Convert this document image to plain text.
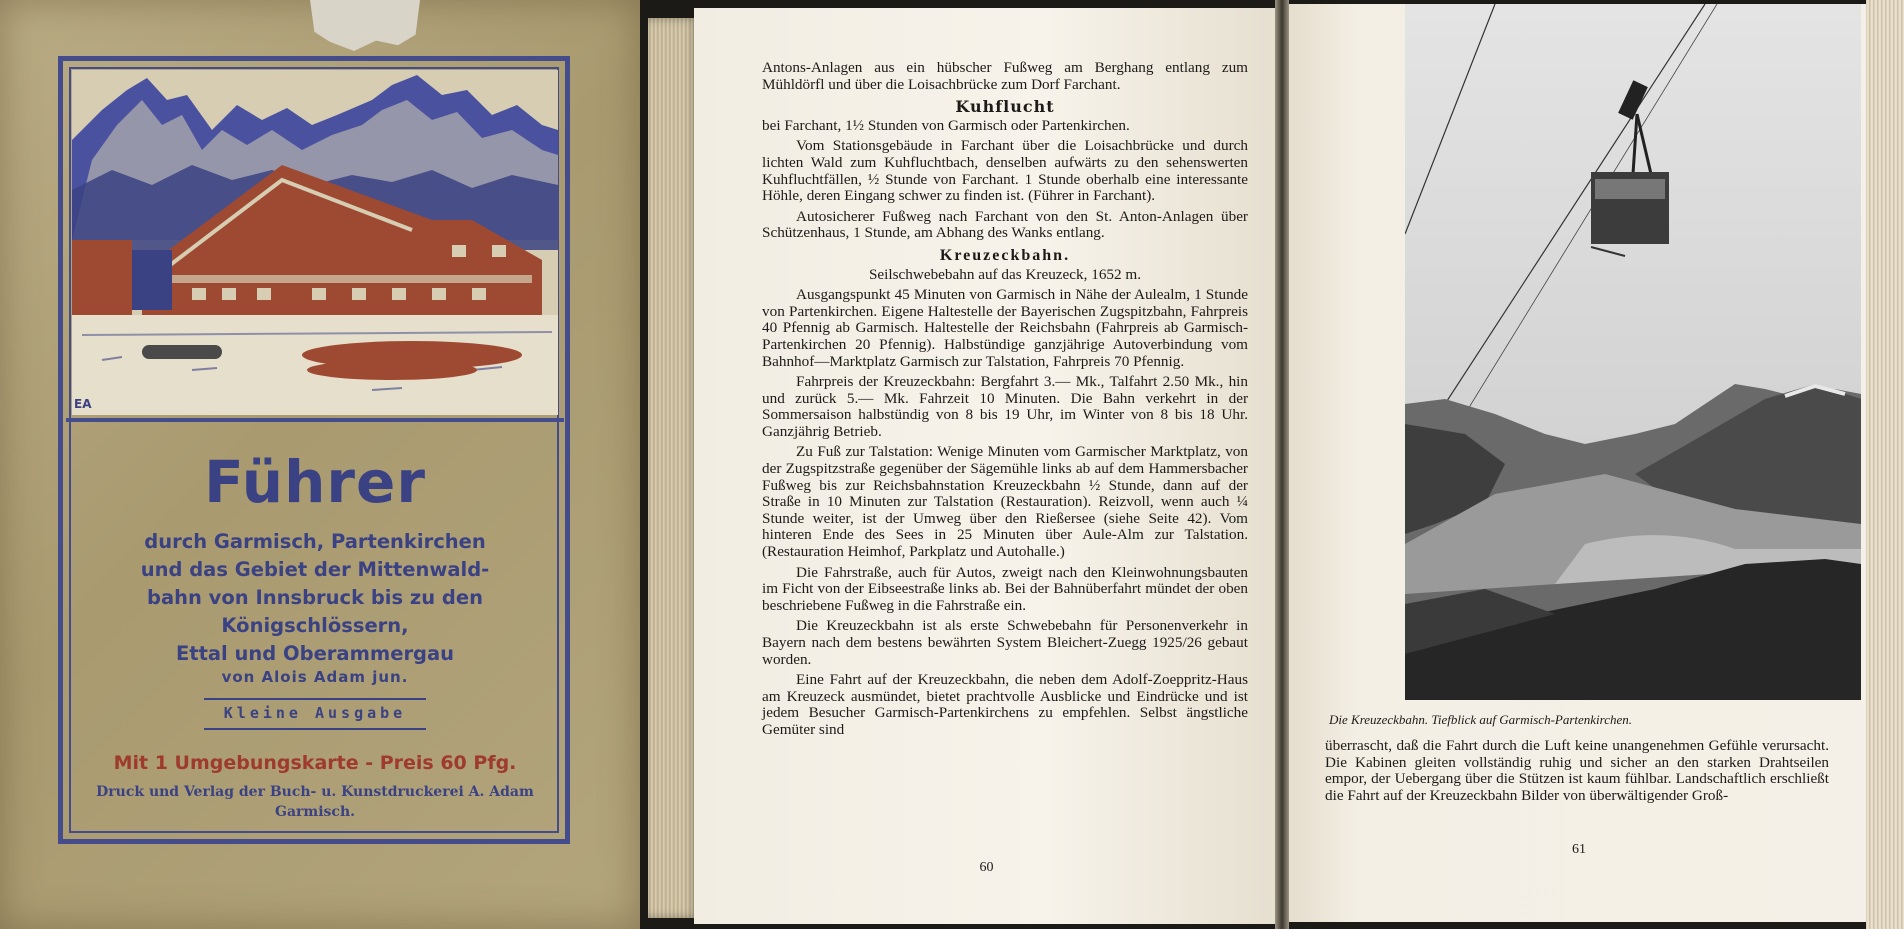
EA
Führer
durch Garmisch, Partenkirchen
und das Gebiet der Mittenwald-
bahn von Innsbruck bis zu den
Königschlössern,
Ettal und Oberammergau
von Alois Adam jun.
Kleine Ausgabe
Mit 1 Umgebungskarte - Preis 60 Pfg.
Druck und Verlag der Buch- u. Kunstdruckerei A. Adam
Garmisch.

Antons-Anlagen aus ein hübscher Fußweg am Berghang entlang zum Mühldörfl und über die Loisachbrücke zum Dorf Farchant.

Kuhflucht

bei Farchant, 1½ Stunden von Garmisch oder Partenkirchen.

Vom Stationsgebäude in Farchant über die Loisachbrücke und durch lichten Wald zum Kuhfluchtbach, denselben aufwärts zu den sehenswerten Kuhfluchtfällen, ½ Stunde von Farchant. 1 Stunde oberhalb eine interessante Höhle, deren Eingang schwer zu finden ist. (Führer in Farchant).

Autosicherer Fußweg nach Farchant von den St. Anton-Anlagen über Schützenhaus, 1 Stunde, am Abhang des Wanks entlang.

Kreuzeckbahn.

Seilschwebebahn auf das Kreuzeck, 1652 m.

Ausgangspunkt 45 Minuten von Garmisch in Nähe der Aulealm, 1 Stunde von Partenkirchen. Eigene Haltestelle der Bayerischen Zugspitzbahn, Fahrpreis 40 Pfennig ab Garmisch. Haltestelle der Reichsbahn (Fahrpreis ab Garmisch-Partenkirchen 20 Pfennig). Halbstündige ganzjährige Autoverbindung vom Bahnhof—Marktplatz Garmisch zur Talstation, Fahrpreis 70 Pfennig.

Fahrpreis der Kreuzeckbahn: Bergfahrt 3.— Mk., Talfahrt 2.50 Mk., hin und zurück 5.— Mk. Fahrzeit 10 Minuten. Die Bahn verkehrt in der Sommersaison halbstündig von 8 bis 19 Uhr, im Winter von 8 bis 18 Uhr. Ganzjährig Betrieb.

Zu Fuß zur Talstation: Wenige Minuten vom Garmischer Marktplatz, von der Zugspitzstraße gegenüber der Sägemühle links ab auf dem Hammersbacher Fußweg bis zur Reichsbahnstation Kreuzeckbahn ½ Stunde, dann auf der Straße in 10 Minuten zur Talstation (Restauration). Reizvoll, wenn auch ¼ Stunde weiter, ist der Umweg über den Rießersee (siehe Seite 42). Vom hinteren Ende des Sees in 25 Minuten über Aule-Alm zur Talstation. (Restauration Heimhof, Parkplatz und Autohalle.)

Die Fahrstraße, auch für Autos, zweigt nach den Kleinwohnungsbauten im Ficht von der Eibseestraße links ab. Bei der Bahnüberfahrt mündet der oben beschriebene Fußweg in die Fahrstraße ein.

Die Kreuzeckbahn ist als erste Schwebebahn für Personenverkehr in Bayern nach dem bestens bewährten System Bleichert-Zuegg 1925/26 gebaut worden.

Eine Fahrt auf der Kreuzeckbahn, die neben dem Adolf-Zoeppritz-Haus am Kreuzeck ausmündet, bietet prachtvolle Ausblicke und Eindrücke und ist jedem Besucher Garmisch-Partenkirchens zu empfehlen. Selbst ängstliche Gemüter sind

60
Die Kreuzeckbahn. Tiefblick auf Garmisch-Partenkirchen.

überrascht, daß die Fahrt durch die Luft keine unangenehmen Gefühle verursacht. Die Kabinen gleiten vollständig ruhig und sicher an den starken Drahtseilen empor, der Uebergang über die Stützen ist kaum fühlbar. Landschaftlich erschließt die Fahrt auf der Kreuzeckbahn Bilder von überwältigender Groß-

61
